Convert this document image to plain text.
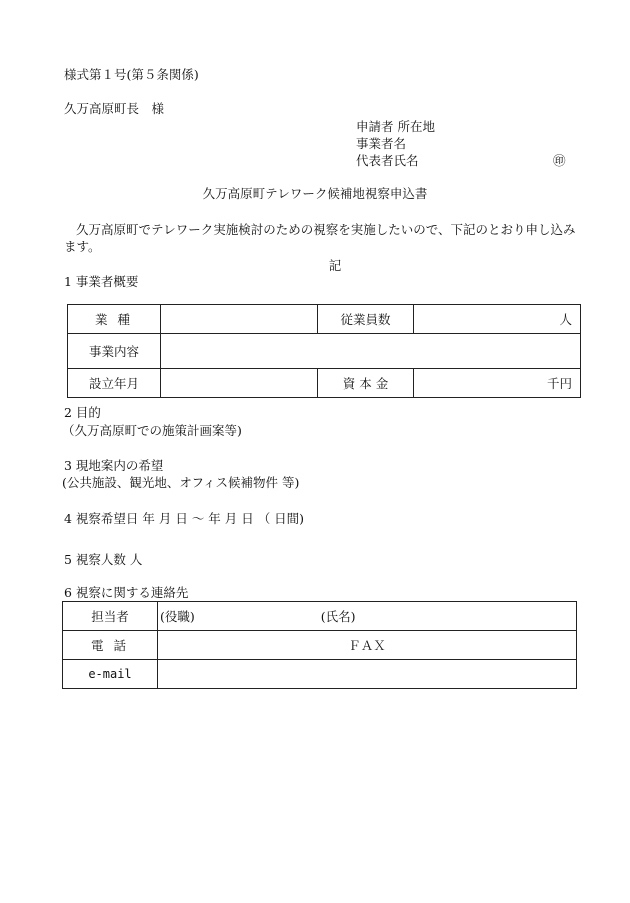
様式第１号(第５条関係)
久万高原町長　様
申請者 所在地
事業者名
代表者氏名	㊞
久万高原町テレワーク候補地視察申込書
久万高原町でテレワーク実施検討のための視察を実施したいので、下記のとおり申し込みます。
記
1 事業者概要
業 種		従業員数	人
事業内容			
設立年月		資 本 金	千円
2 目的
（久万高原町での施策計画案等)
3 現地案内の希望
(公共施設、観光地、オフィス候補物件 等)
4 視察希望日 年 月 日 ～ 年 月 日 （ 日間)
5 視察人数 人
6 視察に関する連絡先
担当者	(役職) (氏名)
電 話	ＦＡＸ
e-mail	
